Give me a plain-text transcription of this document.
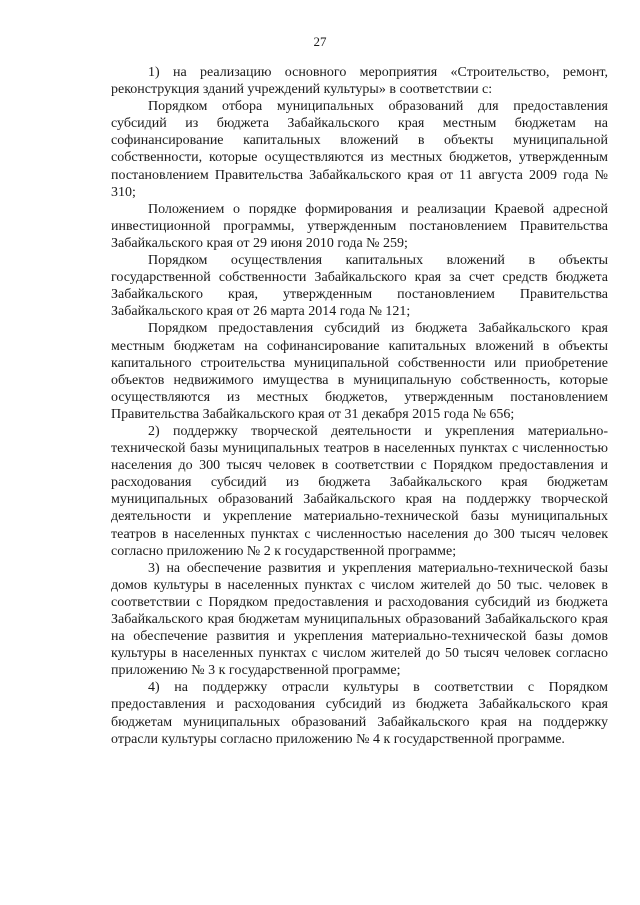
27

1) на реализацию основного мероприятия «Строительство, ремонт, реконструкция зданий учреждений культуры» в соответствии с:

Порядком отбора муниципальных образований для предоставления субсидий из бюджета Забайкальского края местным бюджетам на софинансирование капитальных вложений в объекты муниципальной собственности, которые осуществляются из местных бюджетов, утвержденным постановлением Правительства Забайкальского края от 11 августа 2009 года № 310;

Положением о порядке формирования и реализации Краевой адресной инвестиционной программы, утвержденным постановлением Правительства Забайкальского края от 29 июня 2010 года № 259;

Порядком осуществления капитальных вложений в объекты государственной собственности Забайкальского края за счет средств бюджета Забайкальского края, утвержденным постановлением Правительства Забайкальского края от 26 марта 2014 года № 121;

Порядком предоставления субсидий из бюджета Забайкальского края местным бюджетам на софинансирование капитальных вложений в объекты капитального строительства муниципальной собственности или приобретение объектов недвижимого имущества в муниципальную собственность, которые осуществляются из местных бюджетов, утвержденным постановлением Правительства Забайкальского края от 31 декабря 2015 года № 656;

2) поддержку творческой деятельности и укрепления материально-технической базы муниципальных театров в населенных пунктах с численностью населения до 300 тысяч человек в соответствии с Порядком предоставления и расходования субсидий из бюджета Забайкальского края бюджетам муниципальных образований Забайкальского края на поддержку творческой деятельности и укрепление материально-технической базы муниципальных театров в населенных пунктах с численностью населения до 300 тысяч человек согласно приложению № 2 к государственной программе;

3) на обеспечение развития и укрепления материально-технической базы домов культуры в населенных пунктах с числом жителей до 50 тыс. человек в соответствии с Порядком предоставления и расходования субсидий из бюджета Забайкальского края бюджетам муниципальных образований Забайкальского края на обеспечение развития и укрепления материально-технической базы домов культуры в населенных пунктах с числом жителей до 50 тысяч человек согласно приложению № 3 к государственной программе;

4) на поддержку отрасли культуры в соответствии с Порядком предоставления и расходования субсидий из бюджета Забайкальского края бюджетам муниципальных образований Забайкальского края на поддержку отрасли культуры согласно приложению № 4 к государственной программе.
